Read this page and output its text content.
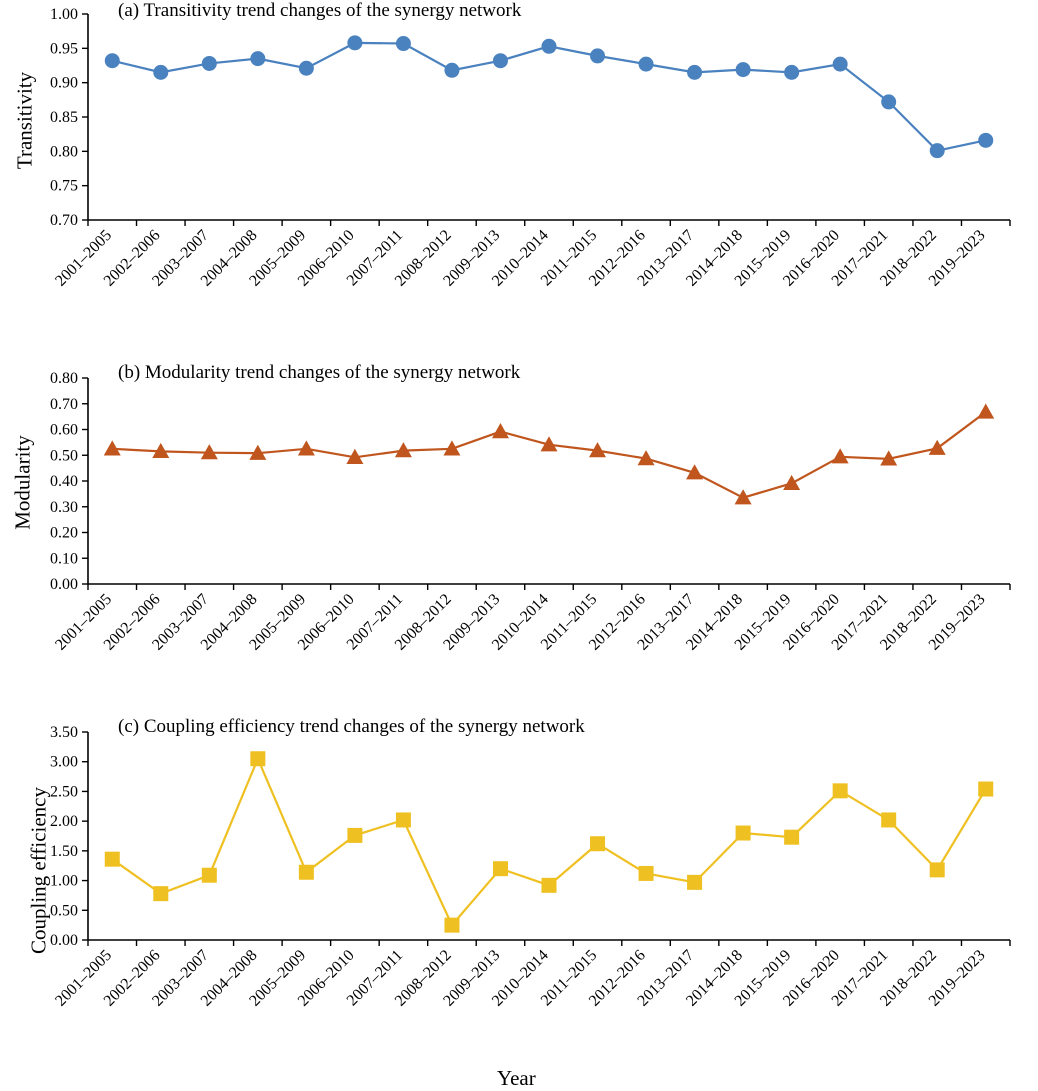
(a) Transitivity trend changes of the synergy network
Transitivity
0.70
0.75
0.80
0.85
0.90
0.95
1.00
2001–2005
2002–2006
2003–2007
2004–2008
2005–2009
2006–2010
2007–2011
2008–2012
2009–2013
2010–2014
2011–2015
2012–2016
2013–2017
2014–2018
2015–2019
2016–2020
2017–2021
2018–2022
2019–2023
(b) Modularity trend changes of the synergy network
Modularity
0.00
0.10
0.20
0.30
0.40
0.50
0.60
0.70
0.80
2001–2005
2002–2006
2003–2007
2004–2008
2005–2009
2006–2010
2007–2011
2008–2012
2009–2013
2010–2014
2011–2015
2012–2016
2013–2017
2014–2018
2015–2019
2016–2020
2017–2021
2018–2022
2019–2023
(c) Coupling efficiency trend changes of the synergy network
Coupling efficiency 0.00
0.50
1.00
1.50
2.00
2.50
3.00
3.50
2001–2005
2002–2006
2003–2007
2004–2008
2005–2009
2006–2010
2007–2011
2008–2012
2009–2013
2010–2014
2011–2015
2012–2016
2013–2017
2014–2018
2015–2019
2016–2020
2017–2021
2018–2022
2019–2023
Year
